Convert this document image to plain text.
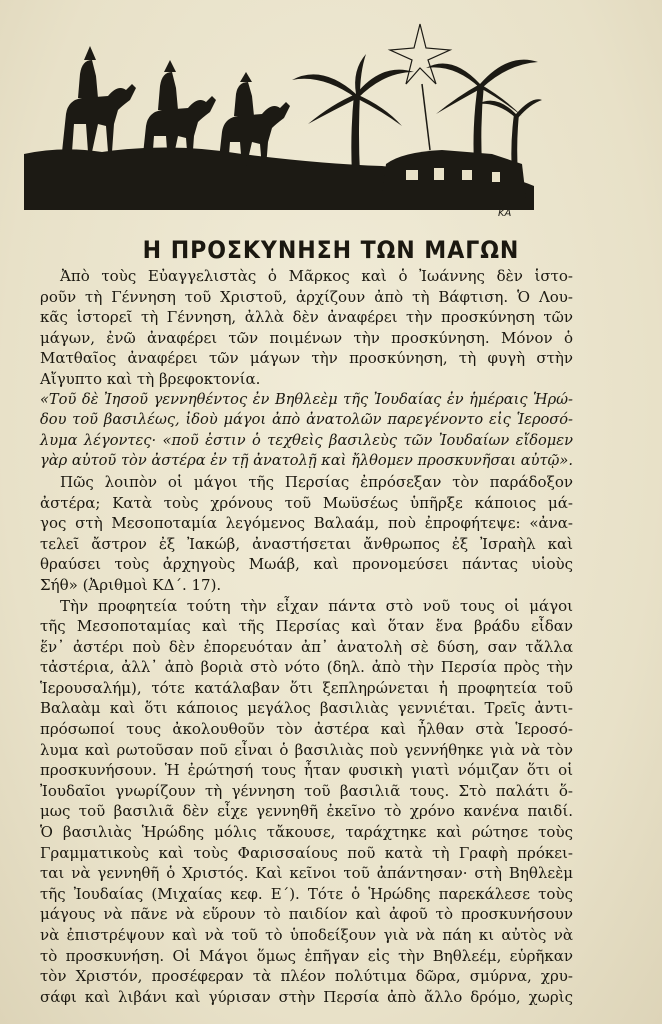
ΚΑ
Η ΠΡΟΣΚΥΝΗΣΗ ΤΩΝ ΜΑΓΩΝ
Ἀπὸ τοὺς Εὐαγγελιστὰς ὁ Μᾶρκος καὶ ὁ Ἰωάννης δὲν ἱστο-
ροῦν τὴ Γέννηση τοῦ Χριστοῦ, ἀρχίζουν ἀπὸ τὴ Βάφτιση. Ὁ Λου-
κᾶς ἱστορεῖ τὴ Γέννηση, ἀλλὰ δὲν ἀναφέρει τὴν προσκύνηση τῶν
μάγων, ἐνῶ ἀναφέρει τῶν ποιμένων τὴν προσκύνηση. Μόνον ὁ
Ματθαῖος ἀναφέρει τῶν μάγων τὴν προσκύνηση, τὴ φυγὴ στὴν
Αἴγυπτο καὶ τὴ βρεφοκτονία.
«Τοῦ δὲ Ἰησοῦ γεννηθέντος ἐν Βηθλεὲμ τῆς Ἰουδαίας ἐν ἡμέραις Ἡρώ-
δου τοῦ βασιλέως, ἰδοὺ μάγοι ἀπὸ ἀνατολῶν παρεγένοντο εἰς Ἱεροσό-
λυμα λέγοντες· «ποῦ ἐστιν ὁ τεχθεὶς βασιλεὺς τῶν Ἰουδαίων εἴδομεν
γὰρ αὐτοῦ τὸν ἀστέρα ἐν τῇ ἀνατολῇ καὶ ἤλθομεν προσκυνῆσαι αὐτῷ».
Πῶς λοιπὸν οἱ μάγοι τῆς Περσίας ἐπρόσεξαν τὸν παράδοξον
ἀστέρα; Κατὰ τοὺς χρόνους τοῦ Μωϋσέως ὑπῆρξε κάποιος μά-
γος στὴ Μεσοποταμία λεγόμενος Βαλαάμ, ποὺ ἐπροφήτεψε: «ἀνα-
τελεῖ ἄστρον ἐξ Ἰακώβ, ἀναστήσεται ἄνθρωπος ἐξ Ἰσραὴλ καὶ
θραύσει τοὺς ἀρχηγοὺς Μωάβ, καὶ προνομεύσει πάντας υἱοὺς
Σήθ» (Ἀριθμοὶ ΚΔ΄. 17).
Τὴν προφητεία τούτη τὴν εἶχαν πάντα στὸ νοῦ τους οἱ μάγοι
τῆς Μεσοποταμίας καὶ τῆς Περσίας καὶ ὅταν ἕνα βράδυ εἶδαν
ἕν᾿ ἀστέρι ποὺ δὲν ἐπορευόταν ἀπ᾿ ἀνατολὴ σὲ δύση, σαν τἄλλα
τἀστέρια, ἀλλ᾿ ἀπὸ βοριὰ στὸ νότο (δηλ. ἀπὸ τὴν Περσία πρὸς τὴν
Ἱερουσαλήμ), τότε κατάλαβαν ὅτι ξεπληρώνεται ἡ προφητεία τοῦ
Βαλαὰμ καὶ ὅτι κάποιος μεγάλος βασιλιὰς γεννιέται. Τρεῖς ἀντι-
πρόσωποί τους ἀκολουθοῦν τὸν ἀστέρα καὶ ἦλθαν στὰ Ἱεροσό-
λυμα καὶ ρωτοῦσαν ποῦ εἶναι ὁ βασιλιὰς ποὺ γεννήθηκε γιὰ νὰ τὸν
προσκυνήσουν. Ἡ ἐρώτησή τους ἦταν φυσικὴ γιατὶ νόμιζαν ὅτι οἱ
Ἰουδαῖοι γνωρίζουν τὴ γέννηση τοῦ βασιλιᾶ τους. Στὸ παλάτι ὅ-
μως τοῦ βασιλιᾶ δὲν εἶχε γεννηθῆ ἐκεῖνο τὸ χρόνο κανένα παιδί.
Ὁ βασιλιὰς Ἡρώδης μόλις τἄκουσε, ταράχτηκε καὶ ρώτησε τοὺς
Γραμματικοὺς καὶ τοὺς Φαρισσαίους ποῦ κατὰ τὴ Γραφὴ πρόκει-
ται νὰ γεννηθῆ ὁ Χριστός. Καὶ κεῖνοι τοῦ ἀπάντησαν· στὴ Βηθλεὲμ
τῆς Ἰουδαίας (Μιχαίας κεφ. Ε΄). Τότε ὁ Ἡρώδης παρεκάλεσε τοὺς
μάγους νὰ πᾶνε νὰ εὕρουν τὸ παιδίον καὶ ἀφοῦ τὸ προσκυνήσουν
νὰ ἐπιστρέψουν καὶ νὰ τοῦ τὸ ὑποδείξουν γιὰ νὰ πάη κι αὐτὸς νὰ
τὸ προσκυνήση. Οἱ Μάγοι ὅμως ἐπῆγαν εἰς τὴν Βηθλεέμ, εὑρῆκαν
τὸν Χριστόν, προσέφεραν τὰ πλέον πολύτιμα δῶρα, σμύρνα, χρυ-
σάφι καὶ λιβάνι καὶ γύρισαν στὴν Περσία ἀπὸ ἄλλο δρόμο, χωρὶς
